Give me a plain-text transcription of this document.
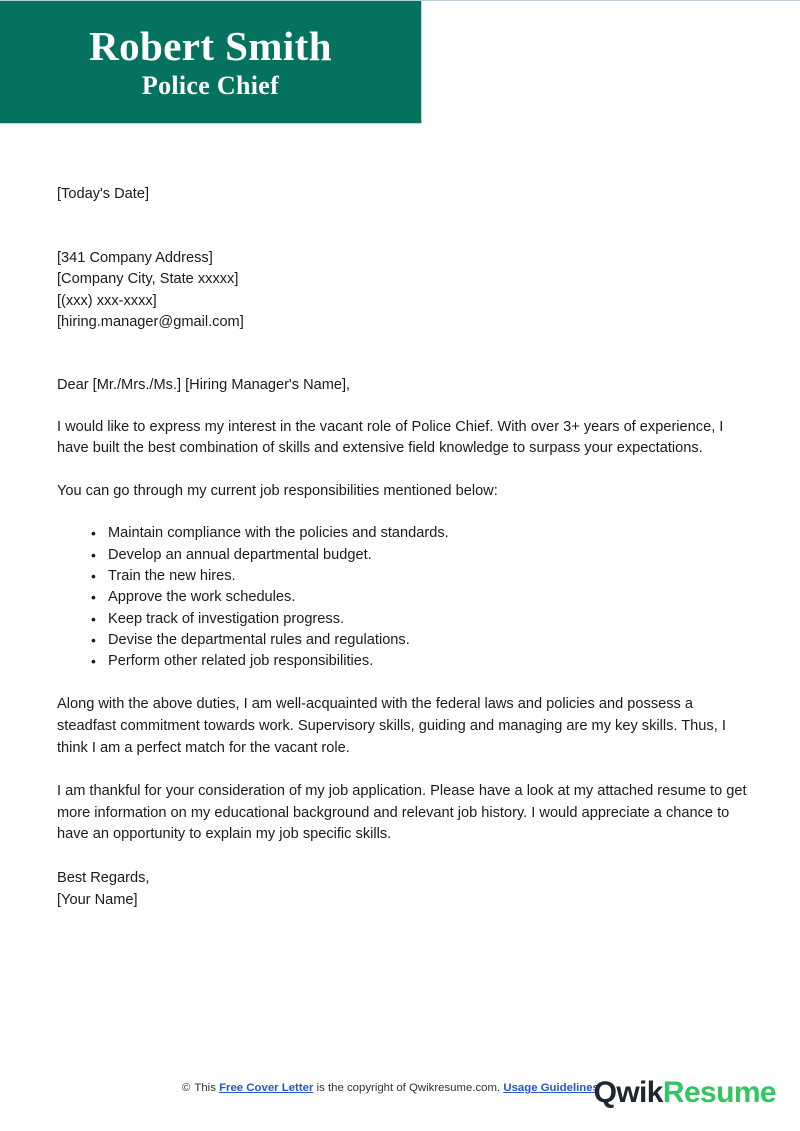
Robert Smith
Police Chief
[Today's Date]
[341 Company Address]
[Company City, State xxxxx]
[(xxx) xxx-xxxx]
[hiring.manager@gmail.com]
Dear [Mr./Mrs./Ms.] [Hiring Manager's Name],

I would like to express my interest in the vacant role of Police Chief. With over 3+ years of experience, I have built the best combination of skills and extensive field knowledge to surpass your expectations.

You can go through my current job responsibilities mentioned below:

• Maintain compliance with the policies and standards.
• Develop an annual departmental budget.
• Train the new hires.
• Approve the work schedules.
• Keep track of investigation progress.
• Devise the departmental rules and regulations.
• Perform other related job responsibilities.

Along with the above duties, I am well-acquainted with the federal laws and policies and possess a steadfast commitment towards work. Supervisory skills, guiding and managing are my key skills. Thus, I think I am a perfect match for the vacant role.

I am thankful for your consideration of my job application. Please have a look at my attached resume to get more information on my educational background and relevant job history. I would appreciate a chance to have an opportunity to explain my job specific skills.

Best Regards,
[Your Name]
© This Free Cover Letter is the copyright of Qwikresume.com. Usage Guidelines
QwikResume
